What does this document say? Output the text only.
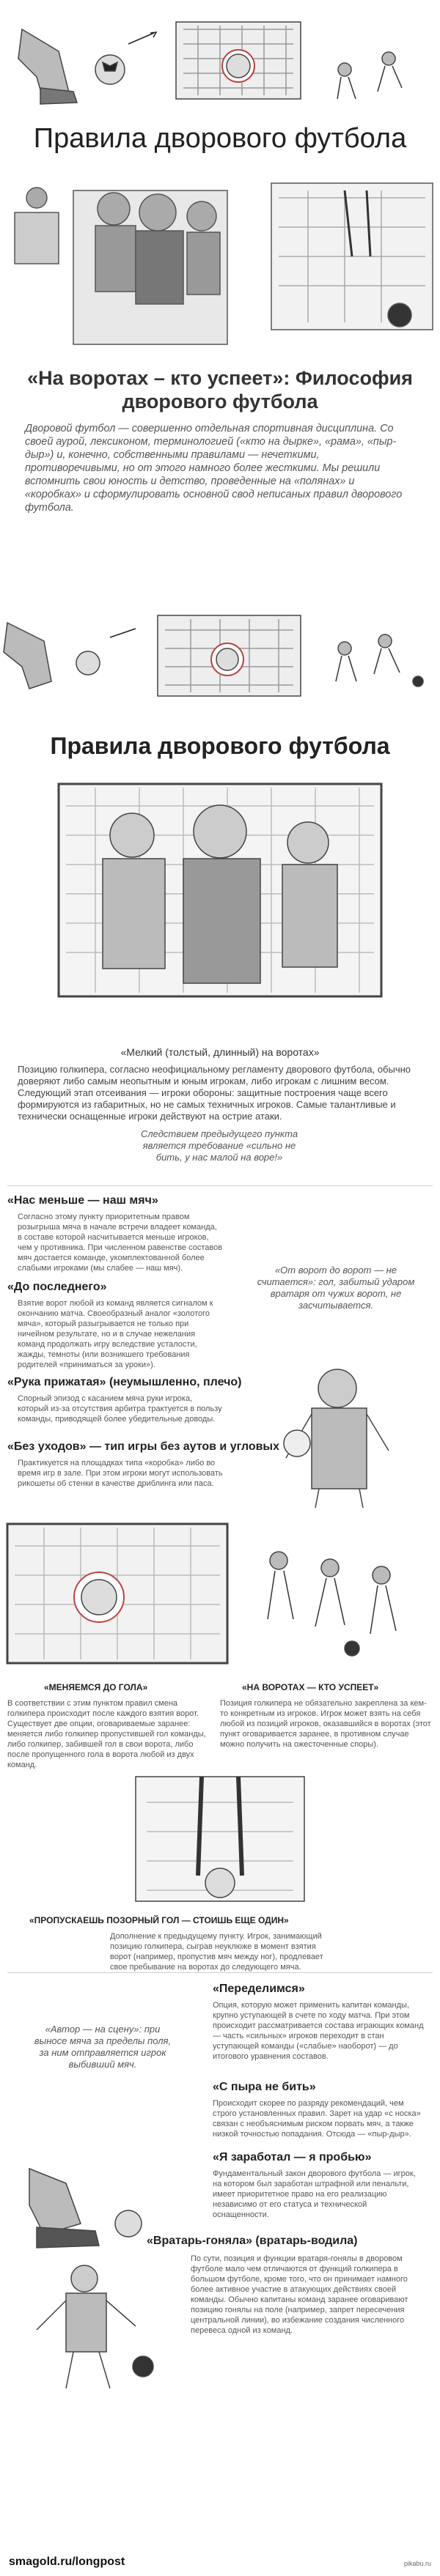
Правила дворового футбола
«На воротах – кто успеет»: Философия дворового футбола
Дворовой футбол — совершенно отдельная спортивная дисциплина. Со своей аурой, лексиконом, терминологией («кто на дырке», «рама», «пыр-дыр») и, конечно, собственными правилами — нечеткими, противоречивыми, но от этого намного более жесткими. Мы решили вспомнить свои юность и детство, проведенные на «полянах» и «коробках» и сформулировать основной свод неписаных правил дворового футбола.
Правила дворового футбола
«Мелкий (толстый, длинный) на воротах»
Позицию голкипера, согласно неофициальному регламенту дворового футбола, обычно доверяют либо самым неопытным и юным игрокам, либо игрокам с лишним весом. Следующий этап отсеивания — игроки обороны: защитные построения чаще всего формируются из габаритных, но не самых техничных игроков. Самые талантливые и технически оснащенные игроки действуют на острие атаки.
Следствием предыдущего пункта является требование «сильно не бить, у нас малой на воре!»
«Нас меньше — наш мяч»
Согласно этому пункту приоритетным правом розыгрыша мяча в начале встречи владеет команда, в составе которой насчитывается меньше игроков, чем у противника. При численном равенстве составов мяч достается команде, укомплектованной более слабыми игроками (мы слабее — наш мяч).	«От ворот до ворот — не считается»: гол, забитый ударом вратаря от чужих ворот, не засчитывается.
«До последнего»
Взятие ворот любой из команд является сигналом к окончанию матча. Своеобразный аналог «золотого мяча», который разыгрывается не только при ничейном результате, но и в случае нежелания команд продолжать игру вследствие усталости, жажды, темноты (или возникшего требования родителей «приниматься за уроки»).
«Рука прижатая» (неумышленно, плечо)
Спорный эпизод с касанием мяча руки игрока, который из-за отсутствия арбитра трактуется в пользу команды, приводящей более убедительные доводы.
«Без уходов» — тип игры без аутов и угловых
Практикуется на площадках типа «коробка» либо во время игр в зале. При этом игроки могут использовать рикошеты об стенки в качестве дриблинга или паса.
«МЕНЯЕМСЯ ДО ГОЛА»
В соответствии с этим пунктом правил смена голкипера происходит после каждого взятия ворот. Существует две опции, оговариваемые заранее: меняется либо голкипер пропустившей гол команды, либо голкипер, забившей гол в свои ворота, либо после пропущенного гола в ворота любой из двух команд.
«НА ВОРОТАХ — КТО УСПЕЕТ»
Позиция голкипера не обязательно закреплена за кем-то конкретным из игроков. Игрок может взять на себя любой из позиций игроков, оказавшийся в воротах (этот пункт оговаривается заранее, в противном случае можно получить на ожесточенные споры).
«ПРОПУСКАЕШЬ ПОЗОРНЫЙ ГОЛ — СТОИШЬ ЕЩЕ ОДИН»
Дополнение к предыдущему пункту. Игрок, занимающий позицию голкипера, сыграв неуклюже в момент взятия ворот (например, пропустив мяч между ног), продлевает свое пребывание на воротах до следующего мяча.
«Переделимся»
Опция, которую может применить капитан команды, крупно уступающей в счете по ходу матча. При этом происходит рассматривается состава играющих команд — часть «сильных» игроков переходит в стан уступающей команды («слабые» наоборот) — до итогового уравнения составов.
«Автор — на сцену»: при выносе мяча за пределы поля, за ним отправляется игрок выбивший мяч.
«С пыра не бить»
Происходит скорее по разряду рекомендаций, чем строго установленных правил. Зарет на удар «с носка» связан с необъяснимым риском порвать мяч, а также низкой точностью попадания. Отсюда — «пыр-дыр».
«Я заработал — я пробью»
Фундаментальный закон дворового футбола — игрок, на котором был заработан штрафной или пенальти, имеет приоритетное право на его реализацию независимо от его статуса и технической оснащенности.
«Вратарь-гоняла» (вратарь-водила)
По сути, позиция и функции вратаря-гонялы в дворовом футболе мало чем отличаются от функций голкипера в большом футболе, кроме того, что он принимает намного более активное участие в атакующих действиях своей команды. Обычно капитаны команд заранее оговаривают позицию гонялы на поле (например, запрет пересечения центральной линии), во избежание создания численного перевеса одной из команд.
smagold.ru/longpost	pikabu.ru
